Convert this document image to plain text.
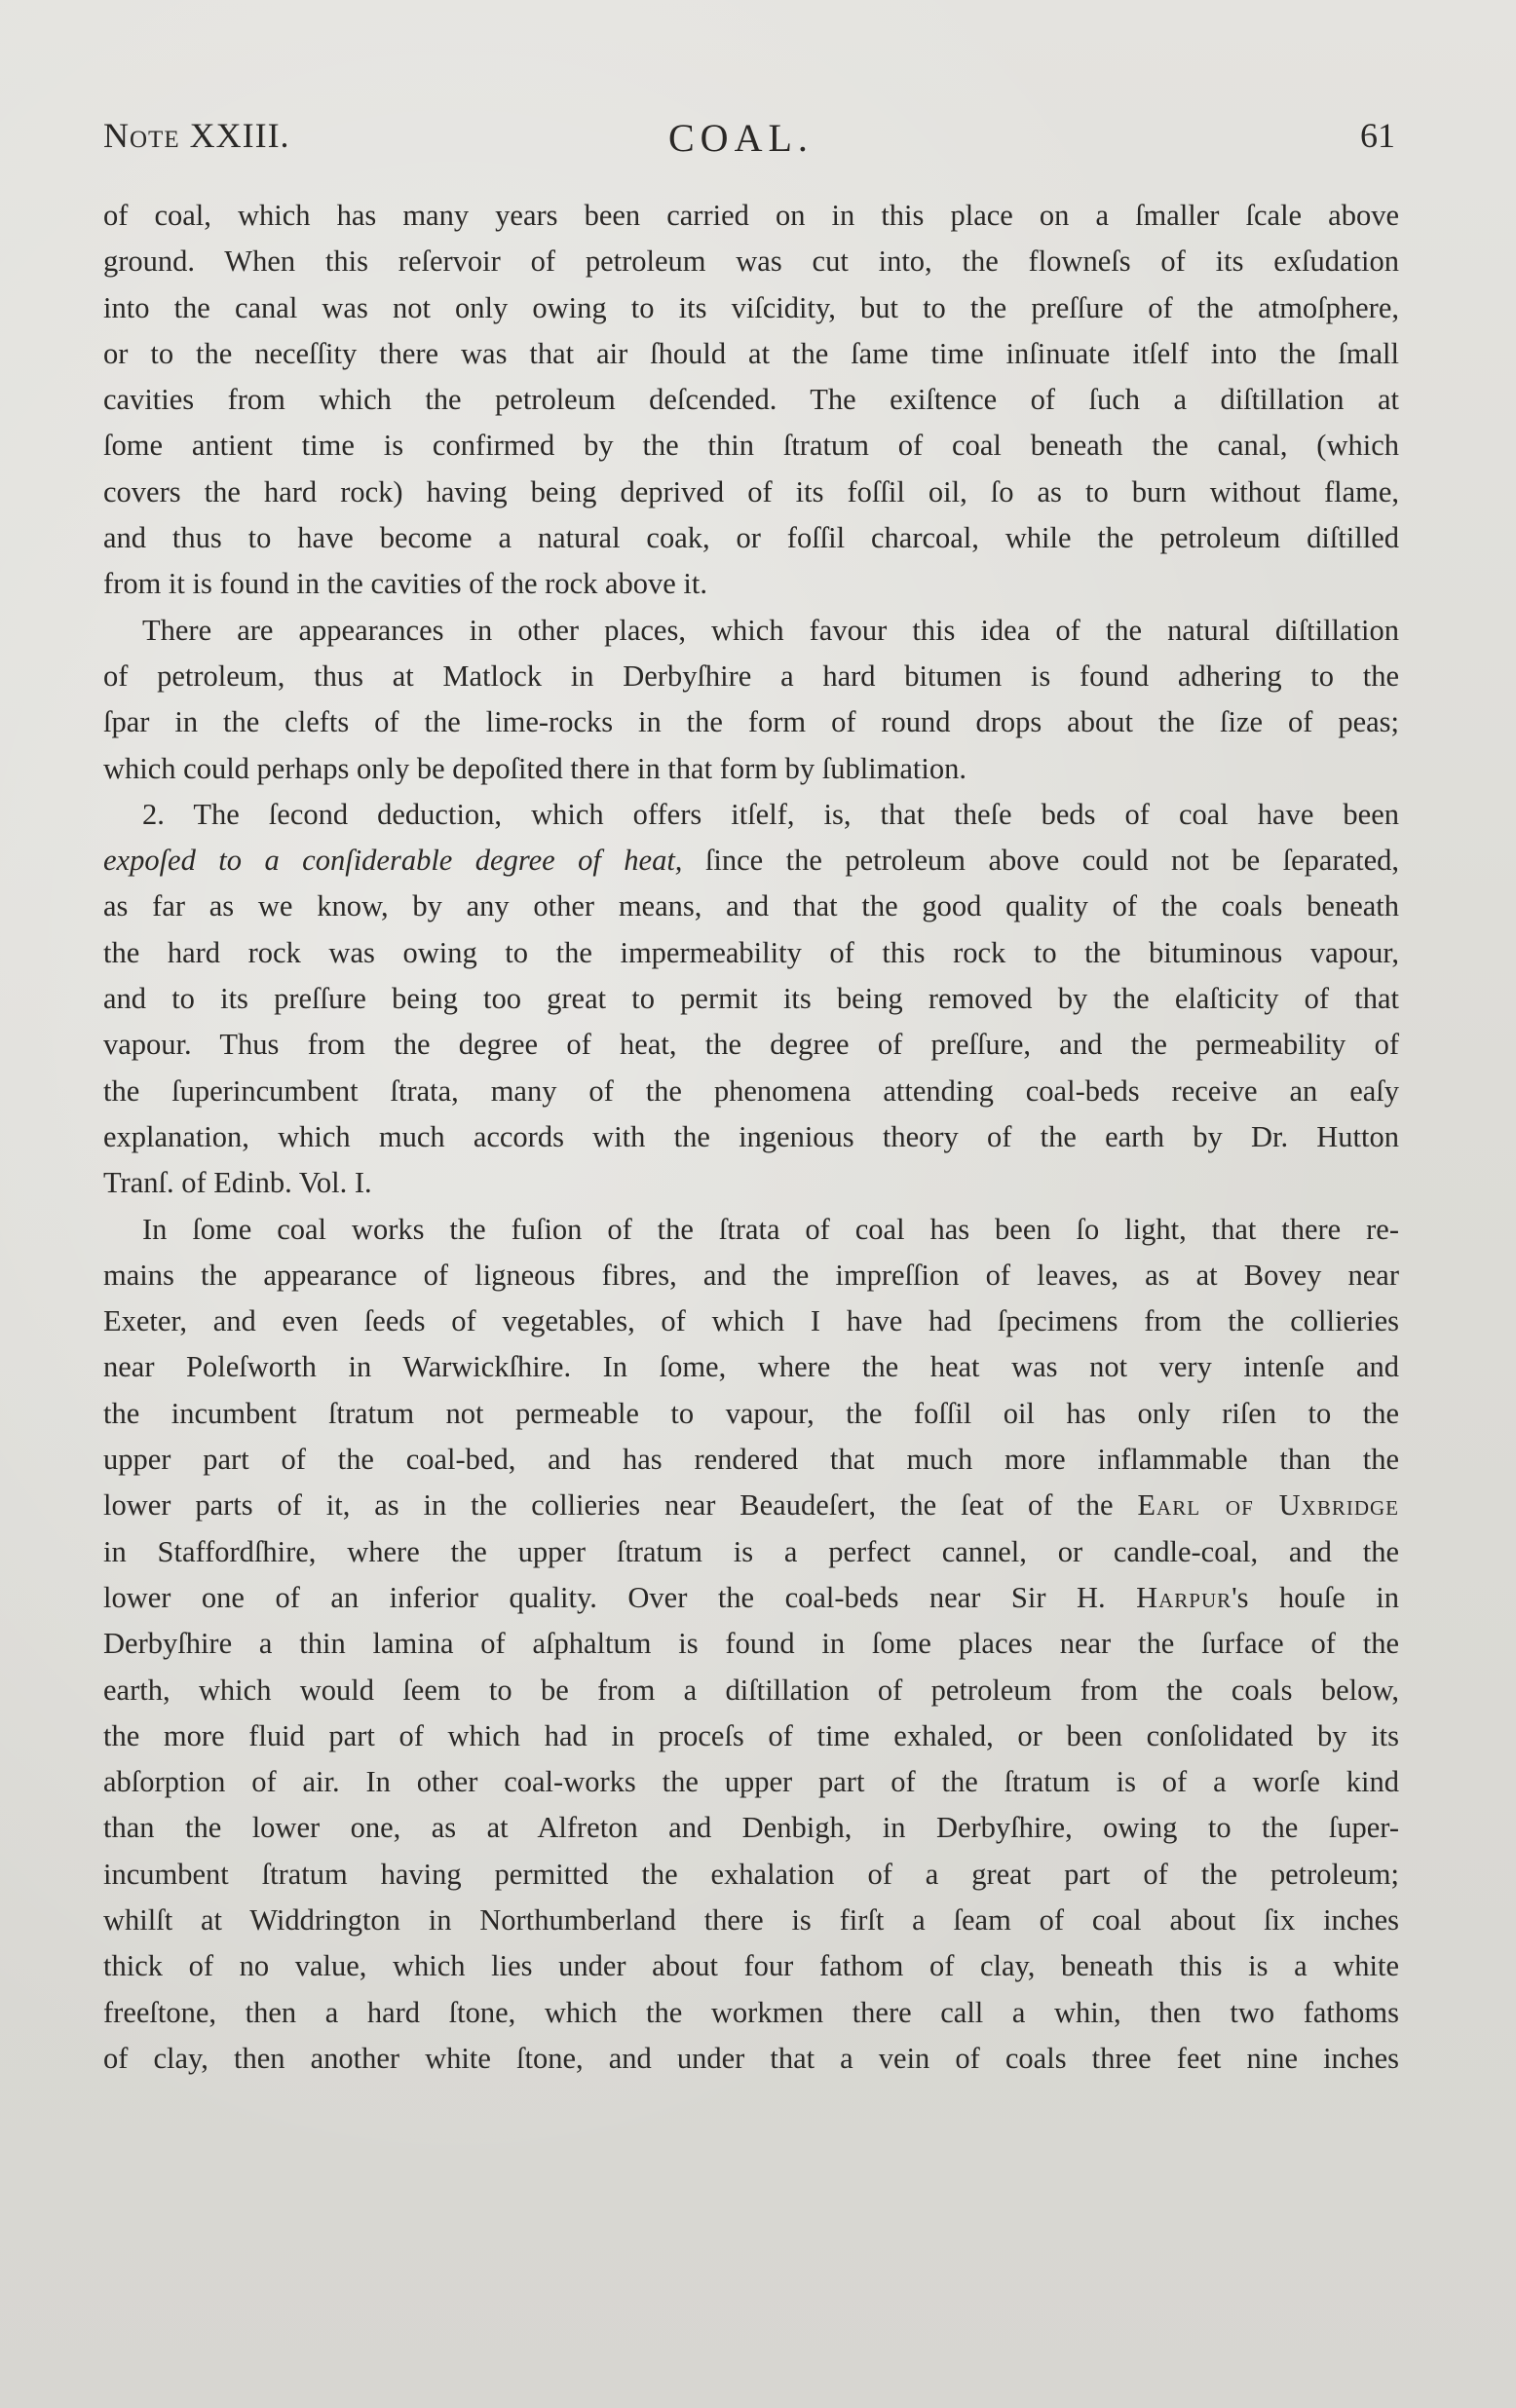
Note XXIII.	COAL.	61

of coal, which has many years been carried on in this place on a ſmaller ſcale above

ground. When this reſervoir of petroleum was cut into, the flowneſs of its exſudation

into the canal was not only owing to its viſcidity, but to the preſſure of the atmoſphere,

or to the neceſſity there was that air ſhould at the ſame time inſinuate itſelf into the ſmall

cavities from which the petroleum deſcended. The exiſtence of ſuch a diſtillation at

ſome antient time is confirmed by the thin ſtratum of coal beneath the canal, (which

covers the hard rock) having being deprived of its foſſil oil, ſo as to burn without flame,

and thus to have become a natural coak, or foſſil charcoal, while the petroleum diſtilled

from it is found in the cavities of the rock above it.

There are appearances in other places, which favour this idea of the natural diſtillation

of petroleum, thus at Matlock in Derbyſhire a hard bitumen is found adhering to the

ſpar in the clefts of the lime-rocks in the form of round drops about the ſize of peas;

which could perhaps only be depoſited there in that form by ſublimation.

2. The ſecond deduction, which offers itſelf, is, that theſe beds of coal have been

expoſed to a conſiderable degree of heat, ſince the petroleum above could not be ſeparated,

as far as we know, by any other means, and that the good quality of the coals beneath

the hard rock was owing to the impermeability of this rock to the bituminous vapour,

and to its preſſure being too great to permit its being removed by the elaſticity of that

vapour. Thus from the degree of heat, the degree of preſſure, and the permeability of

the ſuperincumbent ſtrata, many of the phenomena attending coal-beds receive an eaſy

explanation, which much accords with the ingenious theory of the earth by Dr. Hutton

Tranſ. of Edinb. Vol. I.

In ſome coal works the fuſion of the ſtrata of coal has been ſo light, that there re-

mains the appearance of ligneous fibres, and the impreſſion of leaves, as at Bovey near

Exeter, and even ſeeds of vegetables, of which I have had ſpecimens from the collieries

near Poleſworth in Warwickſhire. In ſome, where the heat was not very intenſe and

the incumbent ſtratum not permeable to vapour, the foſſil oil has only riſen to the

upper part of the coal-bed, and has rendered that much more inflammable than the

lower parts of it, as in the collieries near Beaudeſert, the ſeat of the Earl of Uxbridge

in Staffordſhire, where the upper ſtratum is a perfect cannel, or candle-coal, and the

lower one of an inferior quality. Over the coal-beds near Sir H. Harpur's houſe in

Derbyſhire a thin lamina of aſphaltum is found in ſome places near the ſurface of the

earth, which would ſeem to be from a diſtillation of petroleum from the coals below,

the more fluid part of which had in proceſs of time exhaled, or been conſolidated by its

abſorption of air. In other coal-works the upper part of the ſtratum is of a worſe kind

than the lower one, as at Alfreton and Denbigh, in Derbyſhire, owing to the ſuper-

incumbent ſtratum having permitted the exhalation of a great part of the petroleum;

whilſt at Widdrington in Northumberland there is firſt a ſeam of coal about ſix inches

thick of no value, which lies under about four fathom of clay, beneath this is a white

freeſtone, then a hard ſtone, which the workmen there call a whin, then two fathoms

of clay, then another white ſtone, and under that a vein of coals three feet nine inches
